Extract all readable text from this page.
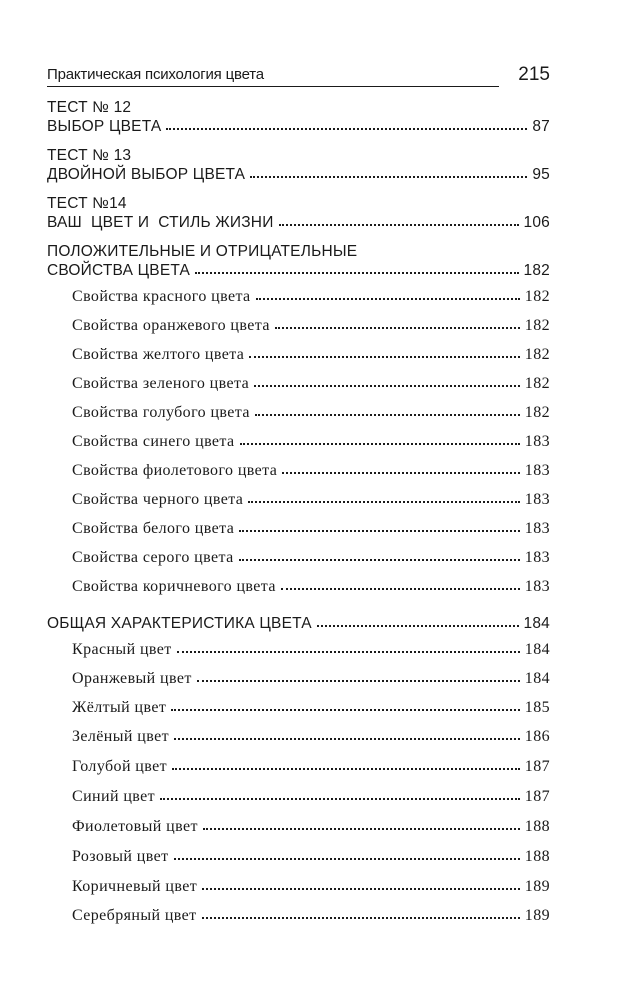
Практическая психология цвета	215
ТЕСТ № 12
ВЫБОР ЦВЕТА	87
ТЕСТ № 13
ДВОЙНОЙ ВЫБОР ЦВЕТА	95
ТЕСТ №14
ВАШ  ЦВЕТ И  СТИЛЬ ЖИЗНИ	106
ПОЛОЖИТЕЛЬНЫЕ И ОТРИЦАТЕЛЬНЫЕ
СВОЙСТВА ЦВЕТА	182
Свойства красного цвета	182
Свойства оранжевого цвета	182
Свойства желтого цвета	182
Свойства зеленого цвета	182
Свойства голубого цвета	182
Свойства синего цвета	183
Свойства фиолетового цвета	183
Свойства черного цвета	183
Свойства белого цвета	183
Свойства серого цвета	183
Свойства коричневого цвета	183
ОБЩАЯ ХАРАКТЕРИСТИКА ЦВЕТА	184
Красный цвет	184
Оранжевый цвет	184
Жёлтый цвет	185
Зелёный цвет	186
Голубой цвет	187
Синий цвет	187
Фиолетовый цвет	188
Розовый цвет	188
Коричневый цвет	189
Серебряный цвет	189
